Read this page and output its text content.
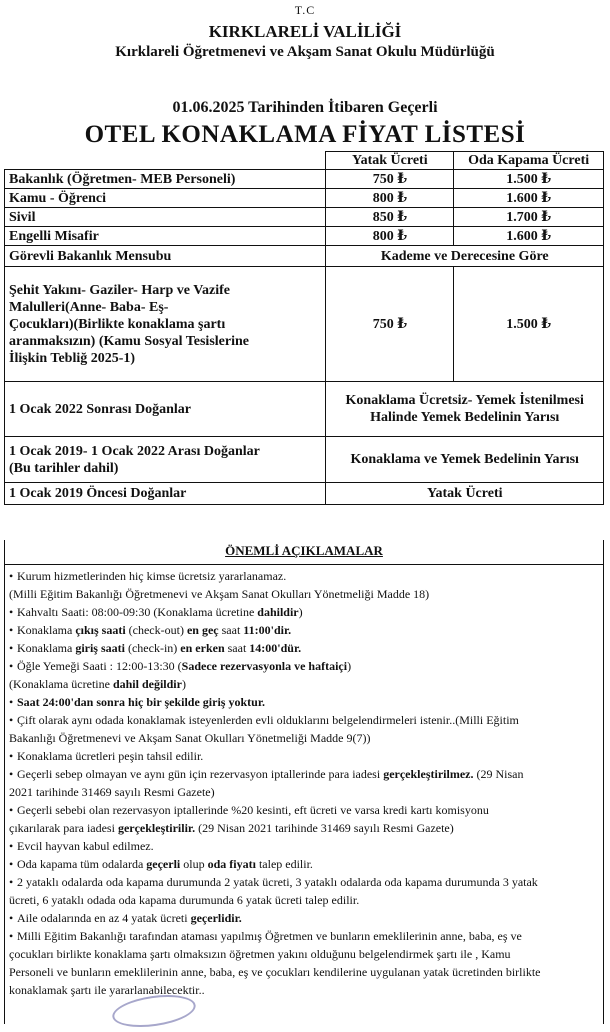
T.C
KIRKLARELİ VALİLİĞİ
Kırklareli Öğretmenevi ve Akşam Sanat Okulu Müdürlüğü
01.06.2025 Tarihinden İtibaren Geçerli
OTEL KONAKLAMA FİYAT LİSTESİ
	Yatak Ücreti	Oda Kapama Ücreti
Bakanlık (Öğretmen- MEB Personeli)	750 ₺	1.500 ₺
Kamu - Öğrenci	800 ₺	1.600 ₺
Sivil	850 ₺	1.700 ₺
Engelli Misafir	800 ₺	1.600 ₺
Görevli Bakanlık Mensubu	Kademe ve Derecesine Göre	

Şehit Yakını- Gaziler- Harp ve Vazife
Malulleri(Anne- Baba- Eş-
Çocukları)(Birlikte konaklama şartı
aranmaksızın) (Kamu Sosyal Tesislerine
İlişkin Tebliğ 2025-1)	750 ₺	1.500 ₺
1 Ocak 2022 Sonrası Doğanlar	Konaklama Ücretsiz- Yemek İstenilmesi
Halinde Yemek Bedelinin Yarısı	

1 Ocak 2019- 1 Ocak 2022 Arası Doğanlar
(Bu tarihler dahil)	Konaklama ve Yemek Bedelinin Yarısı	
1 Ocak 2019 Öncesi Doğanlar	Yatak Ücreti	
ÖNEMLİ AÇIKLAMALAR
• Kurum hizmetlerinden hiç kimse ücretsiz yararlanamaz.
(Milli Eğitim Bakanlığı Öğretmenevi ve Akşam Sanat Okulları Yönetmeliği Madde 18)
• Kahvaltı Saati: 08:00-09:30 (Konaklama ücretine dahildir)
• Konaklama çıkış saati (check-out) en geç saat 11:00'dir.
• Konaklama giriş saati (check-in) en erken saat 14:00'dür.
• Öğle Yemeği Saati : 12:00-13:30 (Sadece rezervasyonla ve haftaiçi)
(Konaklama ücretine dahil değildir)
• Saat 24:00'dan sonra hiç bir şekilde giriş yoktur.
• Çift olarak aynı odada konaklamak isteyenlerden evli olduklarını belgelendirmeleri istenir..(Milli Eğitim
Bakanlığı Öğretmenevi ve Akşam Sanat Okulları Yönetmeliği Madde 9(7))
• Konaklama ücretleri peşin tahsil edilir.
• Geçerli sebep olmayan ve aynı gün için rezervasyon iptallerinde para iadesi gerçekleştirilmez. (29 Nisan
2021 tarihinde 31469 sayılı Resmi Gazete)
• Geçerli sebebi olan rezervasyon iptallerinde %20 kesinti, eft ücreti ve varsa kredi kartı komisyonu
çıkarılarak para iadesi gerçekleştirilir. (29 Nisan 2021 tarihinde 31469 sayılı Resmi Gazete)
• Evcil hayvan kabul edilmez.
• Oda kapama tüm odalarda geçerli olup oda fiyatı talep edilir.
• 2 yataklı odalarda oda kapama durumunda 2 yatak ücreti, 3 yataklı odalarda oda kapama durumunda 3 yatak
ücreti, 6 yataklı odada oda kapama durumunda 6 yatak ücreti talep edilir.
• Aile odalarında en az 4 yatak ücreti geçerlidir.
• Milli Eğitim Bakanlığı tarafından ataması yapılmış Öğretmen ve bunların emeklilerinin anne, baba, eş ve
çocukları birlikte konaklama şartı olmaksızın öğretmen yakını olduğunu belgelendirmek şartı ile , Kamu
Personeli ve bunların emeklilerinin anne, baba, eş ve çocukları kendilerine uygulanan yatak ücretinden birlikte
konaklamak şartı ile yararlanabilecektir..
